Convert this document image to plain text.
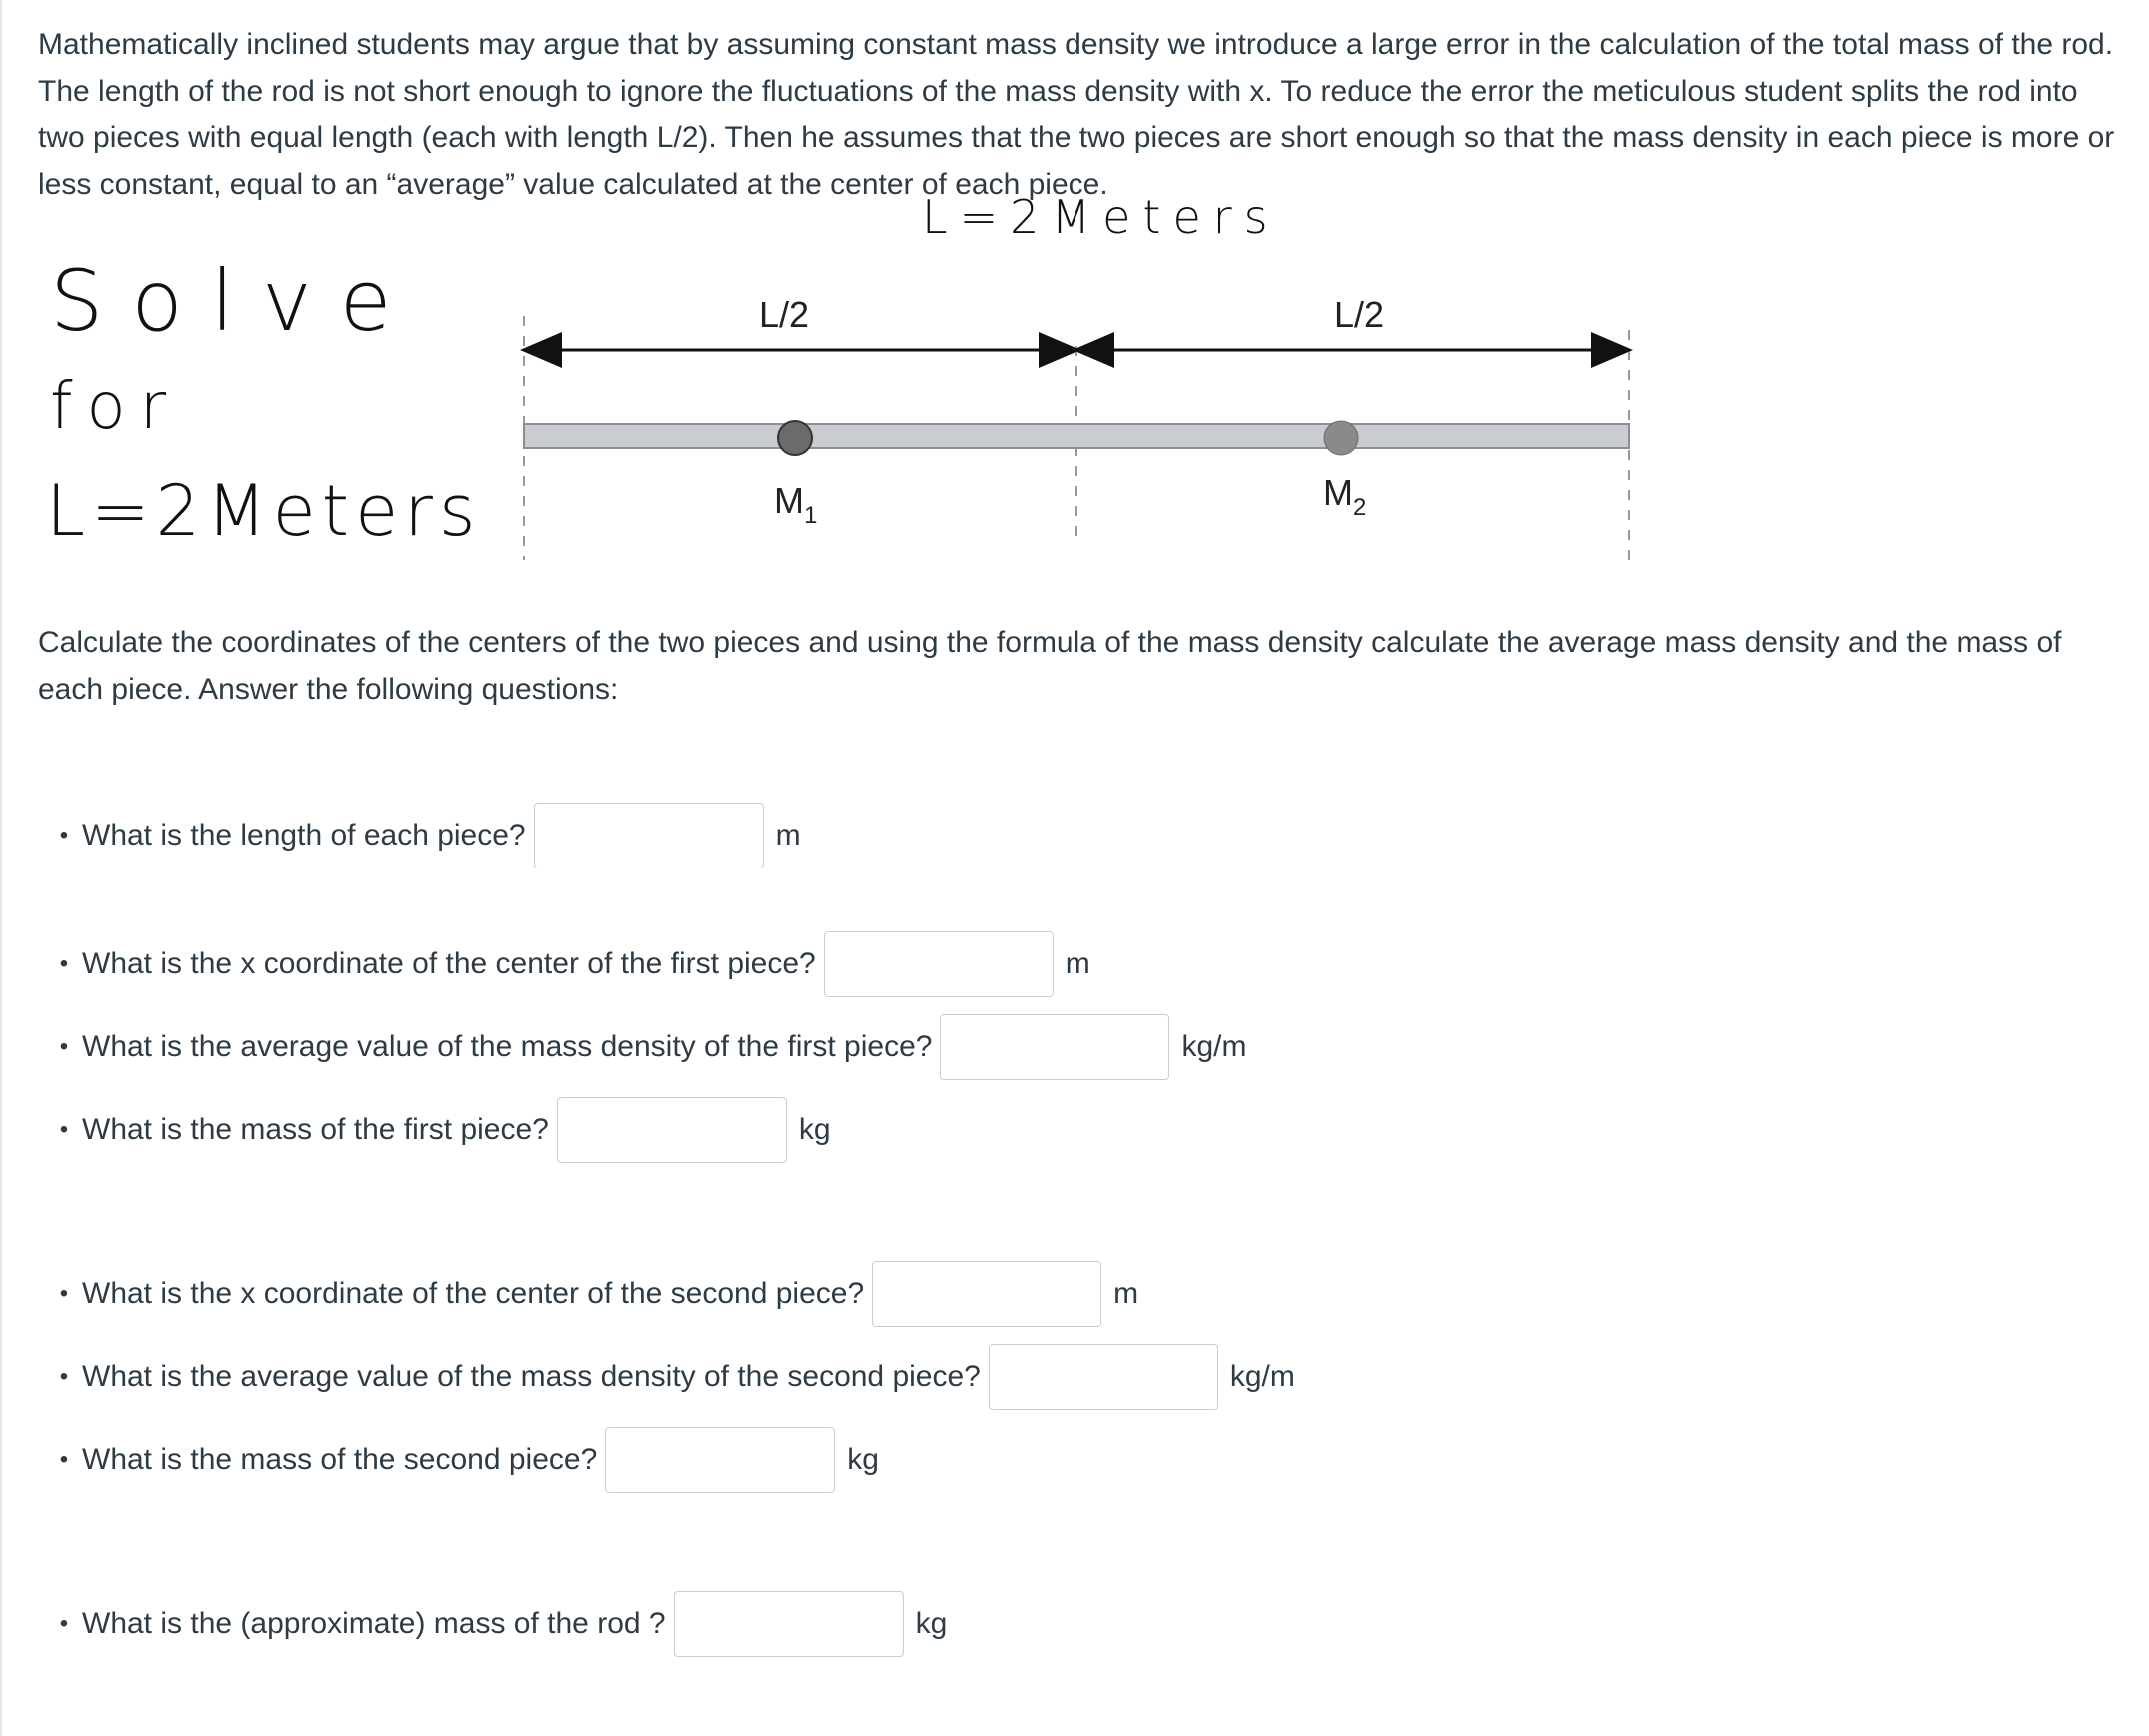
Mathematically inclined students may argue that by assuming constant mass density we introduce a large error in the calculation of the total mass of the rod. The length of the rod is not short enough to ignore the fluctuations of the mass density with x. To reduce the error the meticulous student splits the rod into two pieces with equal length (each with length L/2). Then he assumes that the two pieces are short enough so that the mass density in each piece is more or less constant, equal to an “average” value calculated at the center of each piece.

L=2Meters
Solve
for
L=2Meters
L/2	L/2
$M_1$
$M_2$

Calculate the coordinates of the centers of the two pieces and using the formula of the mass density calculate the average mass density and the mass of each piece. Answer the following questions:

• What is the length of each piece?	m
• What is the x coordinate of the center of the first piece?	m
• What is the average value of the mass density of the first piece?	kg/m
• What is the mass of the first piece?	kg
• What is the x coordinate of the center of the second piece?	m
• What is the average value of the mass density of the second piece?	kg/m
• What is the mass of the second piece?	kg
• What is the (approximate) mass of the rod ?	kg
